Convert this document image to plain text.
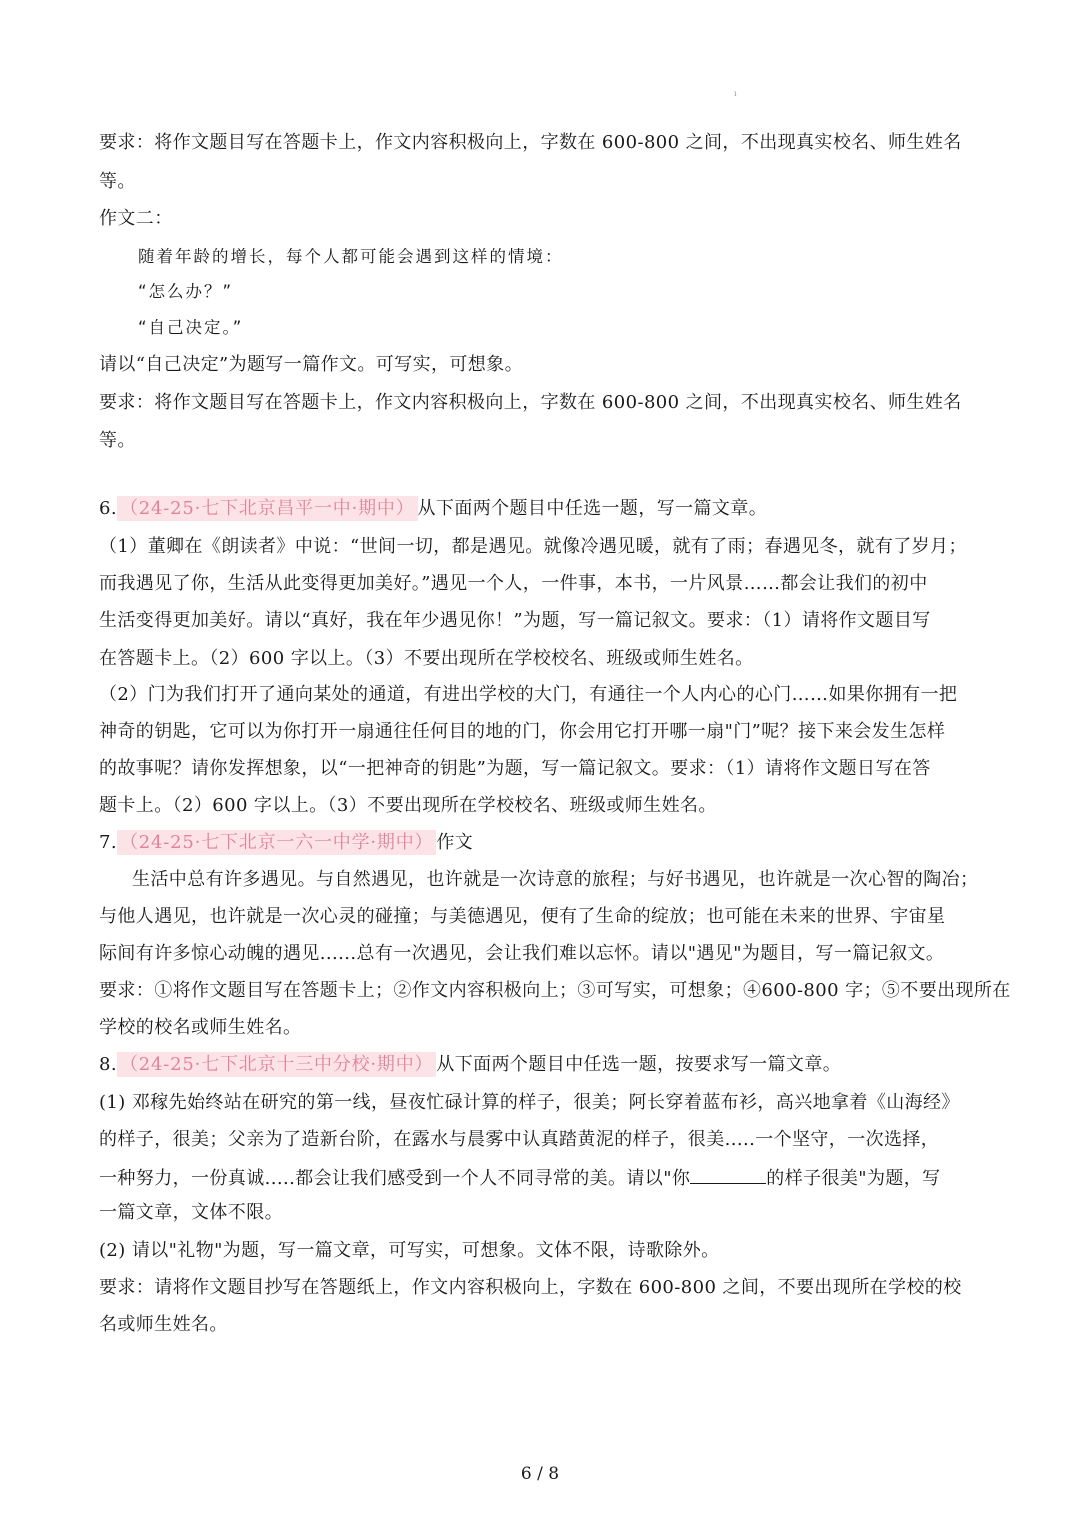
ı
要求：将作文题目写在答题卡上，作文内容积极向上，字数在 600-800 之间，不出现真实校名、师生姓名
等。
作文二：
随着年龄的增长，每个人都可能会遇到这样的情境：
“怎么办？”
“自己决定。”
请以“自己决定”为题写一篇作文。可写实，可想象。
要求：将作文题目写在答题卡上，作文内容积极向上，字数在 600-800 之间，不出现真实校名、师生姓名
等。
6. （24-25·七下北京昌平一中·期中） 从下面两个题目中任选一题，写一篇文章。
（1）董卿在《朗读者》中说：“世间一切，都是遇见。就像冷遇见暖，就有了雨；春遇见冬，就有了岁月；
而我遇见了你，生活从此变得更加美好。”遇见一个人，一件事，本书，一片风景……都会让我们的初中
生活变得更加美好。请以“真好，我在年少遇见你！”为题，写一篇记叙文。要求：（1）请将作文题目写
在答题卡上。（2）600 字以上。（3）不要出现所在学校校名、班级或师生姓名。
（2）门为我们打开了通向某处的通道，有进出学校的大门，有通往一个人内心的心门……如果你拥有一把
神奇的钥匙，它可以为你打开一扇通往任何目的地的门，你会用它打开哪一扇"门”呢？接下来会发生怎样
的故事呢？请你发挥想象，以“一把神奇的钥匙”为题，写一篇记叙文。要求：（1）请将作文题日写在答
题卡上。（2）600 字以上。（3）不要出现所在学校校名、班级或师生姓名。
7. （24-25·七下北京一六一中学·期中） 作文
生活中总有许多遇见。与自然遇见，也许就是一次诗意的旅程；与好书遇见，也许就是一次心智的陶冶；
与他人遇见，也许就是一次心灵的碰撞；与美德遇见，便有了生命的绽放；也可能在未来的世界、宇宙星
际间有许多惊心动魄的遇见......总有一次遇见，会让我们难以忘怀。请以"遇见"为题目，写一篇记叙文。
要求：①将作文题目写在答题卡上；②作文内容积极向上；③可写实，可想象；④600-800 字；⑤不要出现所在
学校的校名或师生姓名。
8. （24-25·七下北京十三中分校·期中） 从下面两个题目中任选一题，按要求写一篇文章。
(1) 邓稼先始终站在研究的第一线，昼夜忙碌计算的样子，很美；阿长穿着蓝布衫，高兴地拿着《山海经》
的样子，很美；父亲为了造新台阶，在露水与晨雾中认真踏黄泥的样子，很美.....一个坚守，一次选择，
一种努力，一份真诚.....都会让我们感受到一个人不同寻常的美。请以"你	的样子很美"为题，写
一篇文章，文体不限。
(2) 请以"礼物"为题，写一篇文章，可写实，可想象。文体不限，诗歌除外。
要求：请将作文题目抄写在答题纸上，作文内容积极向上，字数在 600-800 之间，不要出现所在学校的校
名或师生姓名。
6 / 8
